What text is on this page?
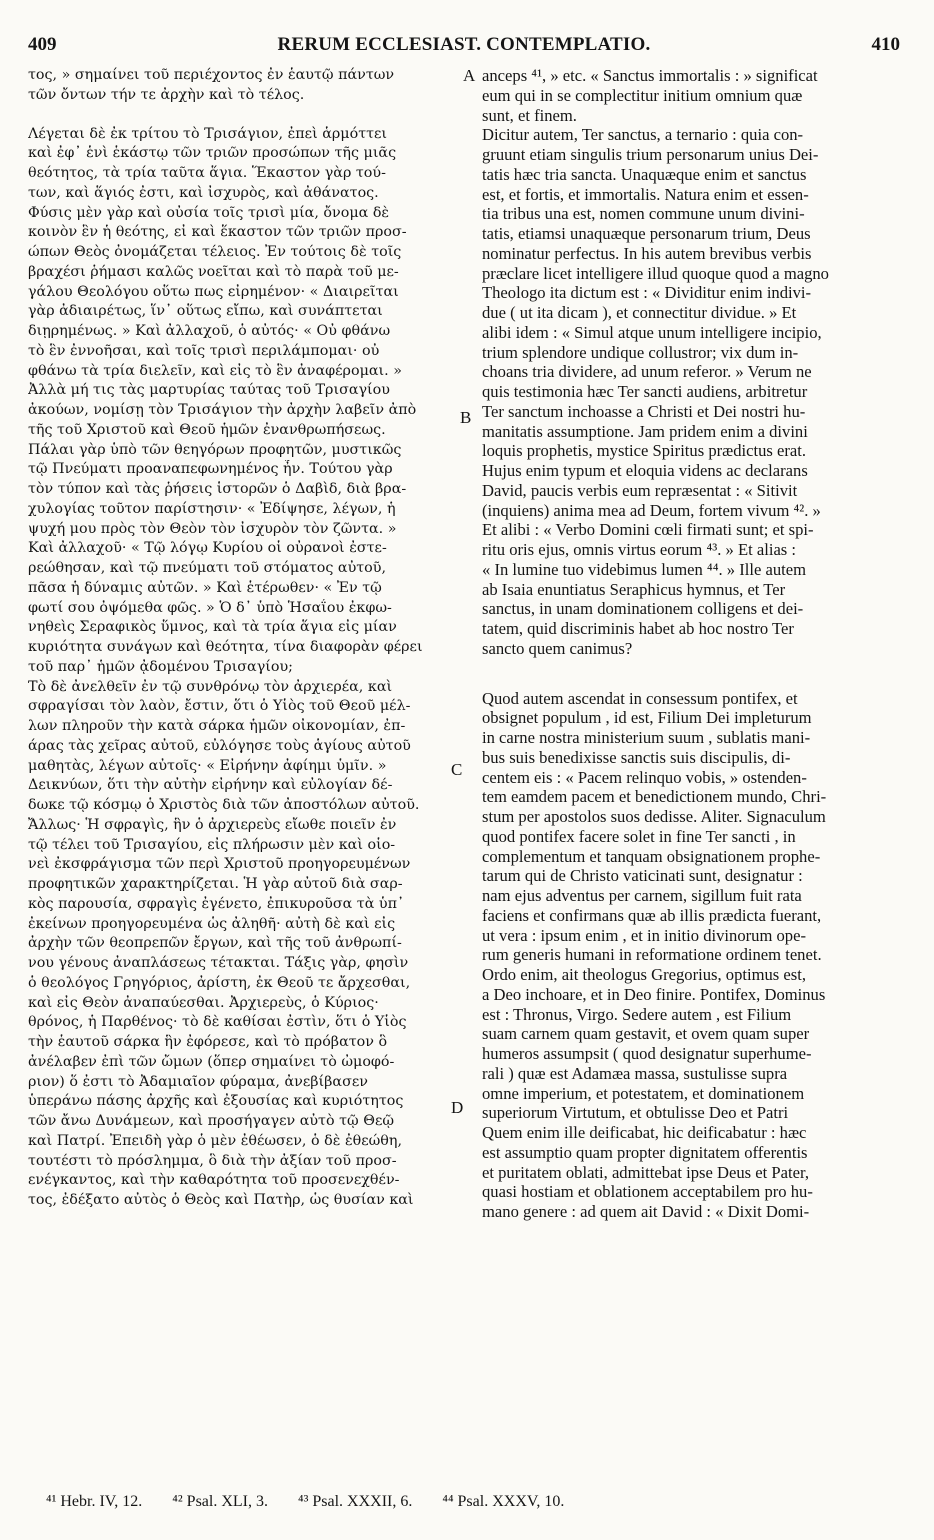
409	RERUM ECCLESIAST. CONTEMPLATIO.	410
τος, » σημαίνει τοῦ περιέχοντος ἐν ἑαυτῷ πάντων
τῶν ὄντων τήν τε ἀρχὴν καὶ τὸ τέλος.
Λέγεται δὲ ἐκ τρίτου τὸ Τρισάγιον, ἐπεὶ ἁρμόττει
καὶ ἐφ᾽ ἑνὶ ἑκάστῳ τῶν τριῶν προσώπων τῆς μιᾶς
θεότητος, τὰ τρία ταῦτα ἅγια. Ἕκαστον γὰρ τού-
των, καὶ ἅγιός ἐστι, καὶ ἰσχυρὸς, καὶ ἀθάνατος.
Φύσις μὲν γὰρ καὶ οὐσία τοῖς τρισὶ μία, ὄνομα δὲ
κοινὸν ἓν ἡ θεότης, εἰ καὶ ἕκαστον τῶν τριῶν προσ-
ώπων Θεὸς ὀνομάζεται τέλειος. Ἐν τούτοις δὲ τοῖς
βραχέσι ῥήμασι καλῶς νοεῖται καὶ τὸ παρὰ τοῦ με-
γάλου Θεολόγου οὕτω πως εἰρημένον· « Διαιρεῖται
γὰρ ἀδιαιρέτως, ἵν᾽ οὕτως εἴπω, καὶ συνάπτεται
διῃρημένως. » Καὶ ἀλλαχοῦ, ὁ αὐτός· « Οὐ φθάνω
τὸ ἓν ἐννοῆσαι, καὶ τοῖς τρισὶ περιλάμπομαι· οὐ
φθάνω τὰ τρία διελεῖν, καὶ εἰς τὸ ἓν ἀναφέρομαι. »
Ἀλλὰ μή τις τὰς μαρτυρίας ταύτας τοῦ Τρισαγίου
ἀκούων, νομίσῃ τὸν Τρισάγιον τὴν ἀρχὴν λαβεῖν ἀπὸ
τῆς τοῦ Χριστοῦ καὶ Θεοῦ ἡμῶν ἐνανθρωπήσεως.
Πάλαι γὰρ ὑπὸ τῶν θεηγόρων προφητῶν, μυστικῶς
τῷ Πνεύματι προαναπεφωνημένος ἦν. Τούτου γὰρ
τὸν τύπον καὶ τὰς ῥήσεις ἱστορῶν ὁ Δαβὶδ, διὰ βρα-
χυλογίας τοῦτον παρίστησιν· « Ἐδίψησε, λέγων, ἡ
ψυχή μου πρὸς τὸν Θεὸν τὸν ἰσχυρὸν τὸν ζῶντα. »
Καὶ ἀλλαχοῦ· « Τῷ λόγῳ Κυρίου οἱ οὐρανοὶ ἐστε-
ρεώθησαν, καὶ τῷ πνεύματι τοῦ στόματος αὐτοῦ,
πᾶσα ἡ δύναμις αὐτῶν. » Καὶ ἑτέρωθεν· « Ἐν τῷ
φωτί σου ὀψόμεθα φῶς. » Ὁ δ᾽ ὑπὸ Ἡσαΐου ἐκφω-
νηθεὶς Σεραφικὸς ὕμνος, καὶ τὰ τρία ἅγια εἰς μίαν
κυριότητα συνάγων καὶ θεότητα, τίνα διαφορὰν φέρει
τοῦ παρ᾽ ἡμῶν ᾀδομένου Τρισαγίου;
Τὸ δὲ ἀνελθεῖν ἐν τῷ συνθρόνῳ τὸν ἀρχιερέα, καὶ
σφραγίσαι τὸν λαὸν, ἔστιν, ὅτι ὁ Υἱὸς τοῦ Θεοῦ μέλ-
λων πληροῦν τὴν κατὰ σάρκα ἡμῶν οἰκονομίαν, ἐπ-
άρας τὰς χεῖρας αὐτοῦ, εὐλόγησε τοὺς ἁγίους αὐτοῦ
μαθητὰς, λέγων αὐτοῖς· « Εἰρήνην ἀφίημι ὑμῖν. »
Δεικνύων, ὅτι τὴν αὐτὴν εἰρήνην καὶ εὐλογίαν δέ-
δωκε τῷ κόσμῳ ὁ Χριστὸς διὰ τῶν ἀποστόλων αὐτοῦ.
Ἄλλως· Ἡ σφραγὶς, ἣν ὁ ἀρχιερεὺς εἴωθε ποιεῖν ἐν
τῷ τέλει τοῦ Τρισαγίου, εἰς πλήρωσιν μὲν καὶ οἱο-
νεὶ ἐκσφράγισμα τῶν περὶ Χριστοῦ προηγορευμένων
προφητικῶν χαρακτηρίζεται. Ἡ γὰρ αὐτοῦ διὰ σαρ-
κὸς παρουσία, σφραγὶς ἐγένετο, ἐπικυροῦσα τὰ ὑπ᾽
ἐκείνων προηγορευμένα ὡς ἀληθῆ· αὐτὴ δὲ καὶ εἰς
ἀρχὴν τῶν θεοπρεπῶν ἔργων, καὶ τῆς τοῦ ἀνθρωπί-
νου γένους ἀναπλάσεως τέτακται. Τάξις γὰρ, φησὶν
ὁ θεολόγος Γρηγόριος, ἀρίστη, ἐκ Θεοῦ τε ἄρχεσθαι,
καὶ εἰς Θεὸν ἀναπαύεσθαι. Ἀρχιερεὺς, ὁ Κύριος·
θρόνος, ἡ Παρθένος· τὸ δὲ καθίσαι ἐστὶν, ὅτι ὁ Υἱὸς
τὴν ἑαυτοῦ σάρκα ἣν ἐφόρεσε, καὶ τὸ πρόβατον ὃ
ἀνέλαβεν ἐπὶ τῶν ὤμων (ὅπερ σημαίνει τὸ ὠμοφό-
ριον) ὅ ἐστι τὸ Ἀδαμιαῖον φύραμα, ἀνεβίβασεν
ὑπεράνω πάσης ἀρχῆς καὶ ἐξουσίας καὶ κυριότητος
τῶν ἄνω Δυνάμεων, καὶ προσήγαγεν αὐτὸ τῷ Θεῷ
καὶ Πατρί. Ἐπειδὴ γὰρ ὁ μὲν ἐθέωσεν, ὁ δὲ ἐθεώθη,
τουτέστι τὸ πρόσλημμα, ὃ διὰ τὴν ἀξίαν τοῦ προσ-
ενέγκαντος, καὶ τὴν καθαρότητα τοῦ προσενεχθέν-
τος, ἐδέξατο αὐτὸς ὁ Θεὸς καὶ Πατὴρ, ὡς θυσίαν καὶ
anceps ⁴¹, » etc. « Sanctus immortalis : » significat
eum qui in se complectitur initium omnium quæ
sunt, et finem.
Dicitur autem, Ter sanctus, a ternario : quia con-
gruunt etiam singulis trium personarum unius Dei-
tatis hæc tria sancta. Unaquæque enim et sanctus
est, et fortis, et immortalis. Natura enim et essen-
tia tribus una est, nomen commune unum divini-
tatis, etiamsi unaquæque personarum trium, Deus
nominatur perfectus. In his autem brevibus verbis
præclare licet intelligere illud quoque quod a magno
Theologo ita dictum est : « Dividitur enim indivi-
due ( ut ita dicam ), et connectitur dividue. » Et
alibi idem : « Simul atque unum intelligere incipio,
trium splendore undique collustror; vix dum in-
choans tria dividere, ad unum referor. » Verum ne
quis testimonia hæc Ter sancti audiens, arbitretur
Ter sanctum inchoasse a Christi et Dei nostri hu-
manitatis assumptione. Jam pridem enim a divini
loquis prophetis, mystice Spiritus prædictus erat.
Hujus enim typum et eloquia videns ac declarans
David, paucis verbis eum repræsentat : « Sitivit
(inquiens) anima mea ad Deum, fortem vivum ⁴². »
Et alibi : « Verbo Domini cœli firmati sunt; et spi-
ritu oris ejus, omnis virtus eorum ⁴³. » Et alias :
« In lumine tuo videbimus lumen ⁴⁴. » Ille autem
ab Isaia enuntiatus Seraphicus hymnus, et Ter
sanctus, in unam dominationem colligens et dei-
tatem, quid discriminis habet ab hoc nostro Ter
sancto quem canimus?
Quod autem ascendat in consessum pontifex, et
obsignet populum , id est, Filium Dei impleturum
in carne nostra ministerium suum , sublatis mani-
bus suis benedixisse sanctis suis discipulis, di-
centem eis : « Pacem relinquo vobis, » ostenden-
tem eamdem pacem et benedictionem mundo, Chri-
stum per apostolos suos dedisse. Aliter. Signaculum
quod pontifex facere solet in fine Ter sancti , in
complementum et tanquam obsignationem prophe-
tarum qui de Christo vaticinati sunt, designatur :
nam ejus adventus per carnem, sigillum fuit rata
faciens et confirmans quæ ab illis prædicta fuerant,
ut vera : ipsum enim , et in initio divinorum ope-
rum generis humani in reformatione ordinem tenet.
Ordo enim, ait theologus Gregorius, optimus est,
a Deo inchoare, et in Deo finire. Pontifex, Dominus
est : Thronus, Virgo. Sedere autem , est Filium
suam carnem quam gestavit, et ovem quam super
humeros assumpsit ( quod designatur superhume-
rali ) quæ est Adamæa massa, sustulisse supra
omne imperium, et potestatem, et dominationem
superiorum Virtutum, et obtulisse Deo et Patri
Quem enim ille deificabat, hic deificabatur : hæc
est assumptio quam propter dignitatem offerentis
et puritatem oblati, admittebat ipse Deus et Pater,
quasi hostiam et oblationem acceptabilem pro hu-
mano genere : ad quem ait David : « Dixit Domi-
A
B
C
D
⁴¹ Hebr. IV, 12. ⁴² Psal. XLI, 3. ⁴³ Psal. XXXII, 6. ⁴⁴ Psal. XXXV, 10.
